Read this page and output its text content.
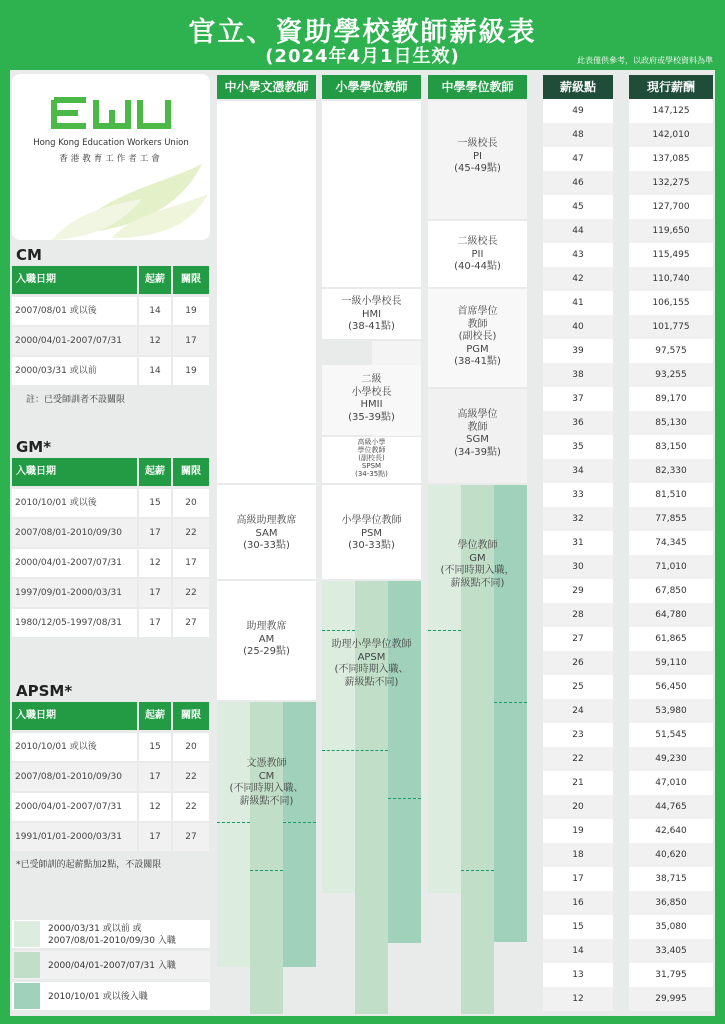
官立、資助學校教師薪級表
(2024年4月1日生效)	此表僅供參考，以政府或學校資料為準
Hong Kong Education Workers Union
香港教育工作者工會
CM
入職日期	起薪	關限
2007/08/01 或以後	14	19
2000/04/01-2007/07/31	12	17
2000/03/31 或以前	14	19
註：已受師訓者不設關限
GM*
入職日期	起薪	關限
2010/10/01 或以後	15	20
2007/08/01-2010/09/30	17	22
2000/04/01-2007/07/31	12	17
1997/09/01-2000/03/31	17	22
1980/12/05-1997/08/31	17	27
APSM*
入職日期	起薪	關限
2010/10/01 或以後	15	20
2007/08/01-2010/09/30	17	22
2000/04/01-2007/07/31	12	22
1991/01/01-2000/03/31	17	27
*已受師訓的起薪點加2點，不設關限
2000/03/31 或以前 或
2007/08/01-2010/09/30 入職
2000/04/01-2007/07/31 入職
2010/10/01 或以後入職
中小學文憑教師	小學學位教師	中學學位教師	薪級點	現行薪酬
高級助理教席
SAM
(30-33點)
助理教席
AM
(25-29點)
文憑教師
CM
(不同時期入職、
薪級點不同)
一級小學校長
HMI
(38-41點)
二級
小學校長
HMII
(35-39點)
高級小學
學位教師
(副校長)
SPSM
(34-35點)
小學學位教師
PSM
(30-33點)
助理小學學位教師
APSM
(不同時期入職、
薪級點不同)
一級校長
PI
(45-49點)
二級校長
PII
(40-44點)
首席學位
教師
(副校長)
PGM
(38-41點)
高級學位
教師
SGM
(34-39點)
學位教師
GM
(不同時期入職，
薪級點不同)
49	147,125
48	142,010
47	137,085
46	132,275
45	127,700
44	119,650
43	115,495
42	110,740
41	106,155
40	101,775
39	97,575
38	93,255
37	89,170
36	85,130
35	83,150
34	82,330
33	81,510
32	77,855
31	74,345
30	71,010
29	67,850
28	64,780
27	61,865
26	59,110
25	56,450
24	53,980
23	51,545
22	49,230
21	47,010
20	44,765
19	42,640
18	40,620
17	38,715
16	36,850
15	35,080
14	33,405
13	31,795
12	29,995
